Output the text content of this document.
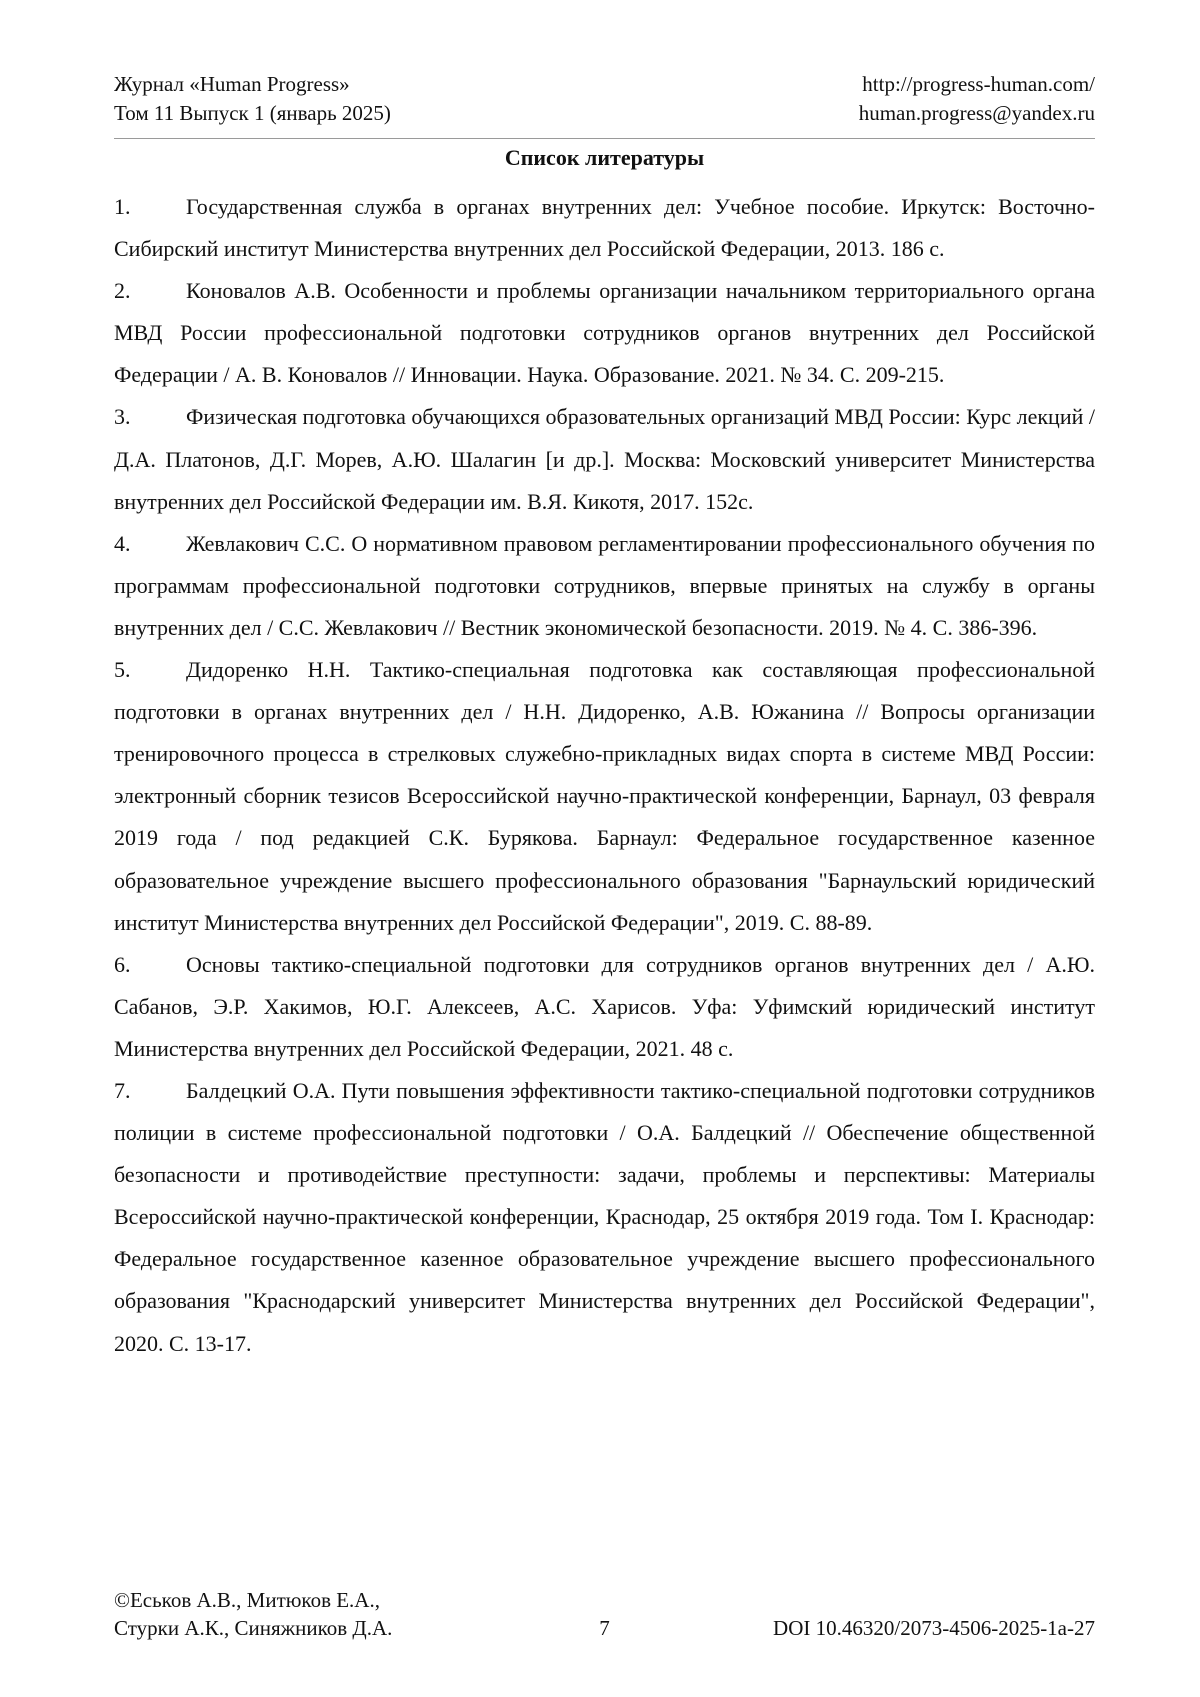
Журнал «Human Progress»
Том 11 Выпуск 1 (январь 2025)
http://progress-human.com/
human.progress@yandex.ru
Список литературы

1.	Государственная служба в органах внутренних дел: Учебное пособие. Иркутск: Восточно-Сибирский институт Министерства внутренних дел Российской Федерации, 2013. 186 с.

2.	Коновалов А.В. Особенности и проблемы организации начальником территориального органа МВД России профессиональной подготовки сотрудников органов внутренних дел Российской Федерации / А. В. Коновалов // Инновации. Наука. Образование. 2021. № 34. С. 209-215.

3.	Физическая подготовка обучающихся образовательных организаций МВД России: Курс лекций / Д.А. Платонов, Д.Г. Морев, А.Ю. Шалагин [и др.]. Москва: Московский университет Министерства внутренних дел Российской Федерации им. В.Я. Кикотя, 2017. 152с.

4.	Жевлакович С.С. О нормативном правовом регламентировании профессионального обучения по программам профессиональной подготовки сотрудников, впервые принятых на службу в органы внутренних дел / С.С. Жевлакович // Вестник экономической безопасности. 2019. № 4. С. 386-396.

5.	Дидоренко Н.Н. Тактико-специальная подготовка как составляющая профессиональной подготовки в органах внутренних дел / Н.Н. Дидоренко, А.В. Южанина // Вопросы организации тренировочного процесса в стрелковых служебно-прикладных видах спорта в системе МВД России: электронный сборник тезисов Всероссийской научно-практической конференции, Барнаул, 03 февраля 2019 года / под редакцией С.К. Бурякова. Барнаул: Федеральное государственное казенное образовательное учреждение высшего профессионального образования "Барнаульский юридический институт Министерства внутренних дел Российской Федерации", 2019. С. 88-89.

6.	Основы тактико-специальной подготовки для сотрудников органов внутренних дел / А.Ю. Сабанов, Э.Р. Хакимов, Ю.Г. Алексеев, А.С. Харисов. Уфа: Уфимский юридический институт Министерства внутренних дел Российской Федерации, 2021. 48 с.

7.	Балдецкий О.А. Пути повышения эффективности тактико-специальной подготовки сотрудников полиции в системе профессиональной подготовки / О.А. Балдецкий // Обеспечение общественной безопасности и противодействие преступности: задачи, проблемы и перспективы: Материалы Всероссийской научно-практической конференции, Краснодар, 25 октября 2019 года. Том I. Краснодар: Федеральное государственное казенное образовательное учреждение высшего профессионального образования "Краснодарский университет Министерства внутренних дел Российской Федерации", 2020. С. 13-17.

©Еськов А.В., Митюков Е.А.,
Стурки А.К., Синяжников Д.А.	7	DOI 10.46320/2073-4506-2025-1а-27
